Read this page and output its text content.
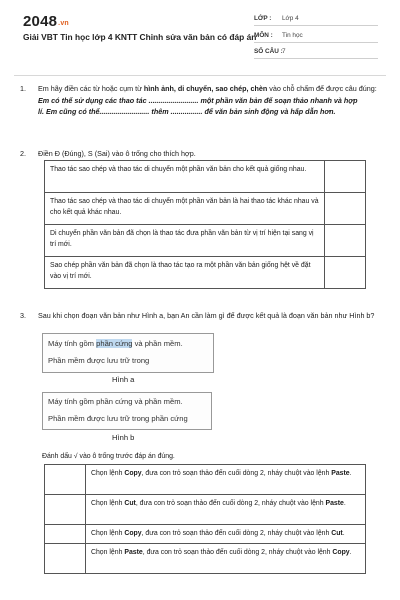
2048.vn
Giải VBT Tin học lớp 4 KNTT Chỉnh sửa văn bản có đáp án
LỚP : Lớp 4
MÔN : Tin học
SỐ CÂU : 7
1. Em hãy điền các từ hoặc cụm từ hình ảnh, di chuyển, sao chép, chèn vào chỗ chấm để được câu đúng:
Em có thể sử dụng các thao tác ......................... một phần văn bản để soạn thảo nhanh và hợp
lí. Em cũng có thể......................... thêm ................ để văn bản sinh động và hấp dẫn hơn.
2. Điền Đ (Đúng), S (Sai) vào ô trống cho thích hợp.
Thao tác sao chép và thao tác di chuyển một phần văn bản cho kết quả giống nhau.	
Thao tác sao chép và thao tác di chuyển một phần văn bản là hai thao tác khác nhau và cho kết quả khác nhau.	
Di chuyển phần văn bản đã chọn là thao tác đưa phần văn bản từ vị trí hiện tại sang vị trí mới.	
Sao chép phần văn bản đã chọn là thao tác tạo ra một phần văn bản giống hệt về đặt vào vị trí mới.	
3. Sau khi chọn đoạn văn bản như Hình a, bạn An cần làm gì để được kết quả là đoạn văn bản như Hình b?
Máy tính gồm phần cứng và phần mềm.
Phần mềm được lưu trữ trong
Hình a
Máy tính gồm phần cứng và phần mềm.
Phần mềm được lưu trữ trong phần cứng
Hình b
Đánh dấu √ vào ô trống trước đáp án đúng.
	Chọn lệnh Copy, đưa con trỏ soạn thảo đến cuối dòng 2, nháy chuột vào lệnh Paste.
	Chọn lệnh Cut, đưa con trỏ soạn thảo đến cuối dòng 2, nháy chuột vào lệnh Paste.
	Chọn lệnh Copy, đưa con trỏ soạn thảo đến cuối dòng 2, nháy chuột vào lệnh Cut.
	Chọn lệnh Paste, đưa con trỏ soạn thảo đến cuối dòng 2, nháy chuột vào lệnh Copy.
